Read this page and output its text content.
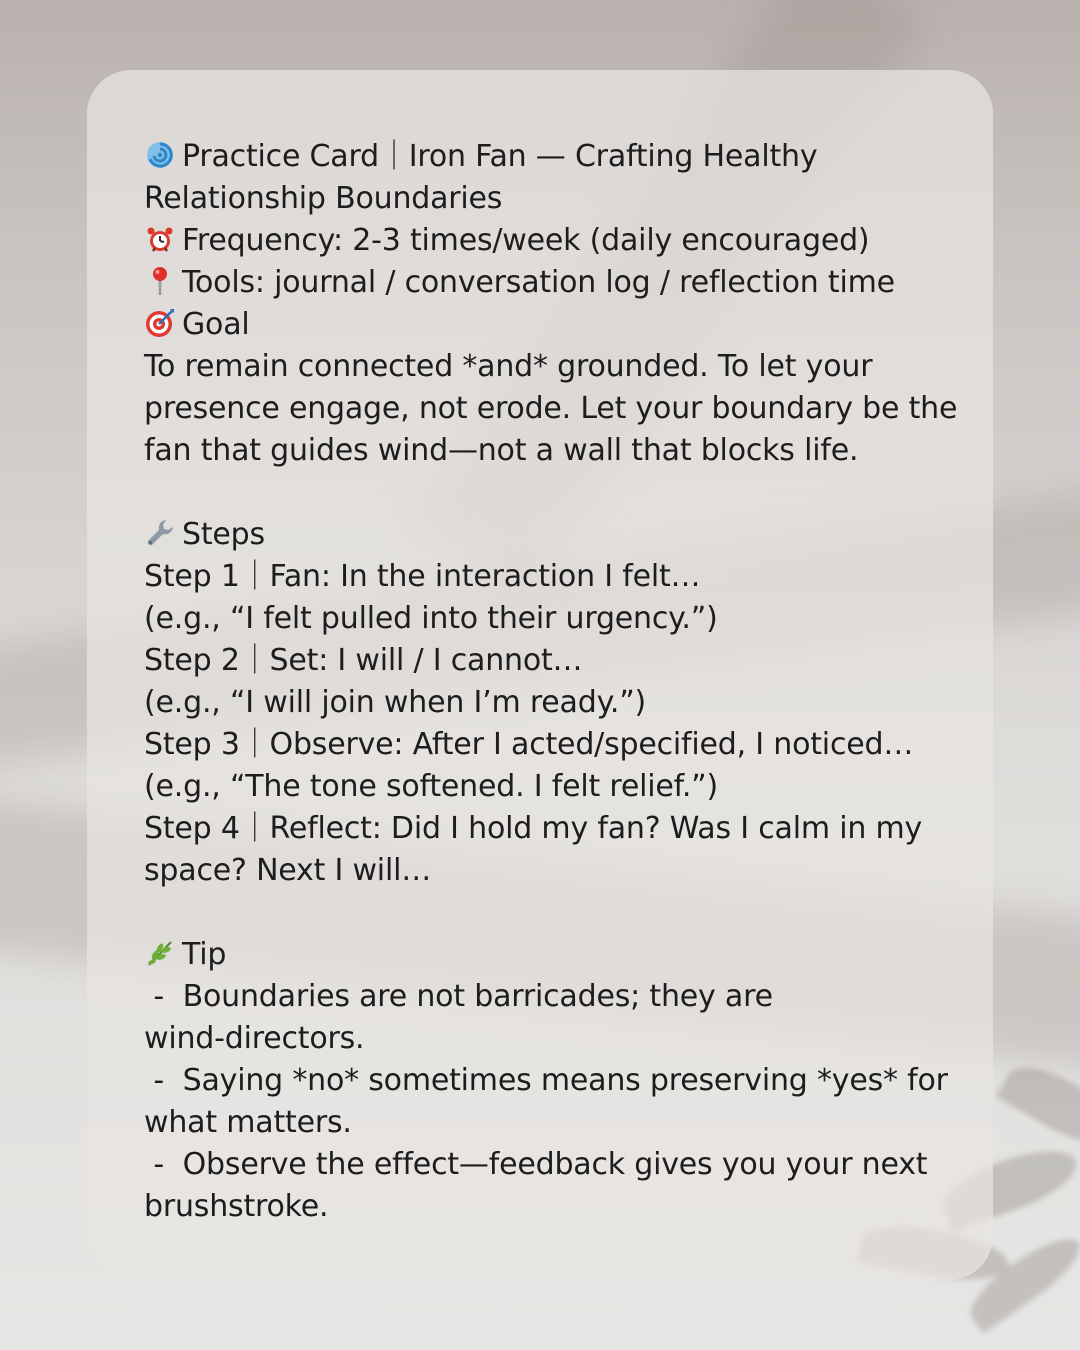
Practice Card｜Iron Fan — Crafting Healthy
Relationship Boundaries
Frequency: 2-3 times/week (daily encouraged)
Tools: journal / conversation log / reflection time
Goal
To remain connected *and* grounded. To let your
presence engage, not erode. Let your boundary be the
fan that guides wind—not a wall that blocks life.
Steps
Step 1｜Fan: In the interaction I felt…
(e.g., “I felt pulled into their urgency.”)
Step 2｜Set: I will / I cannot…
(e.g., “I will join when I’m ready.”)
Step 3｜Observe: After I acted/specified, I noticed…
(e.g., “The tone softened. I felt relief.”)
Step 4｜Reflect: Did I hold my fan? Was I calm in my
space? Next I will…
Tip
-  Boundaries are not barricades; they are
wind-directors.
-  Saying *no* sometimes means preserving *yes* for
what matters.
-  Observe the effect—feedback gives you your next
brushstroke.
